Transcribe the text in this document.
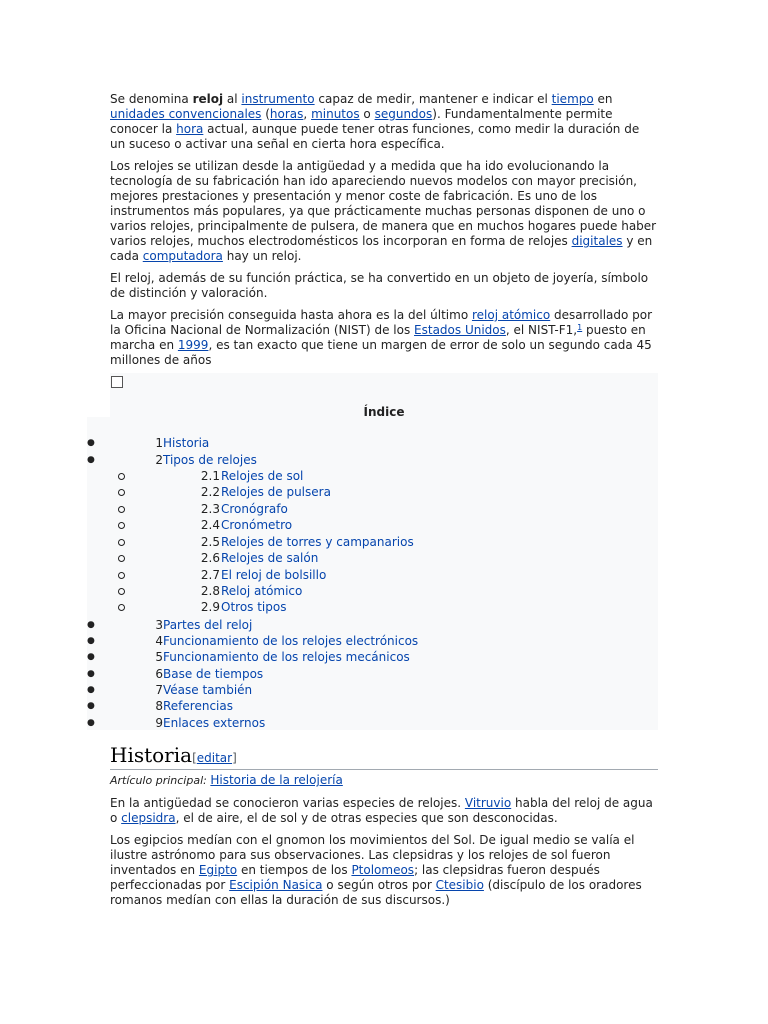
Se denomina reloj al instrumento capaz de medir, mantener e indicar el tiempo en unidades convencionales (horas, minutos o segundos). Fundamentalmente permite conocer la hora actual, aunque puede tener otras funciones, como medir la duración de un suceso o activar una señal en cierta hora específica.

Los relojes se utilizan desde la antigüedad y a medida que ha ido evolucionando la tecnología de su fabricación han ido apareciendo nuevos modelos con mayor precisión, mejores prestaciones y presentación y menor coste de fabricación. Es uno de los instrumentos más populares, ya que prácticamente muchas personas disponen de uno o varios relojes, principalmente de pulsera, de manera que en muchos hogares puede haber varios relojes, muchos electrodomésticos los incorporan en forma de relojes digitales y en cada computadora hay un reloj.

El reloj, además de su función práctica, se ha convertido en un objeto de joyería, símbolo de distinción y valoración.

La mayor precisión conseguida hasta ahora es la del último reloj atómico desarrollado por la Oficina Nacional de Normalización (NIST) de los Estados Unidos, el NIST-F1,$^1$ puesto en marcha en 1999, es tan exacto que tiene un margen de error de solo un segundo cada 45 millones de años

Índice
●	1 Historia
●	2 Tipos de relojes
2.1 Relojes de sol
2.2 Relojes de pulsera
2.3 Cronógrafo
2.4 Cronómetro
2.5 Relojes de torres y campanarios
2.6 Relojes de salón
2.7 El reloj de bolsillo
2.8 Reloj atómico
2.9 Otros tipos
●	3 Partes del reloj
●	4 Funcionamiento de los relojes electrónicos
●	5 Funcionamiento de los relojes mecánicos
●	6 Base de tiempos
●	7 Véase también
●	8 Referencias
●	9 Enlaces externos
Historia[editar]
Artículo principal: Historia de la relojería

En la antigüedad se conocieron varias especies de relojes. Vitruvio habla del reloj de agua o clepsidra, el de aire, el de sol y de otras especies que son desconocidas.

Los egipcios medían con el gnomon los movimientos del Sol. De igual medio se valía el ilustre astrónomo para sus observaciones. Las clepsidras y los relojes de sol fueron inventados en Egipto en tiempos de los Ptolomeos; las clepsidras fueron después perfeccionadas por Escipión Nasica o según otros por Ctesibio (discípulo de los oradores romanos medían con ellas la duración de sus discursos.)
